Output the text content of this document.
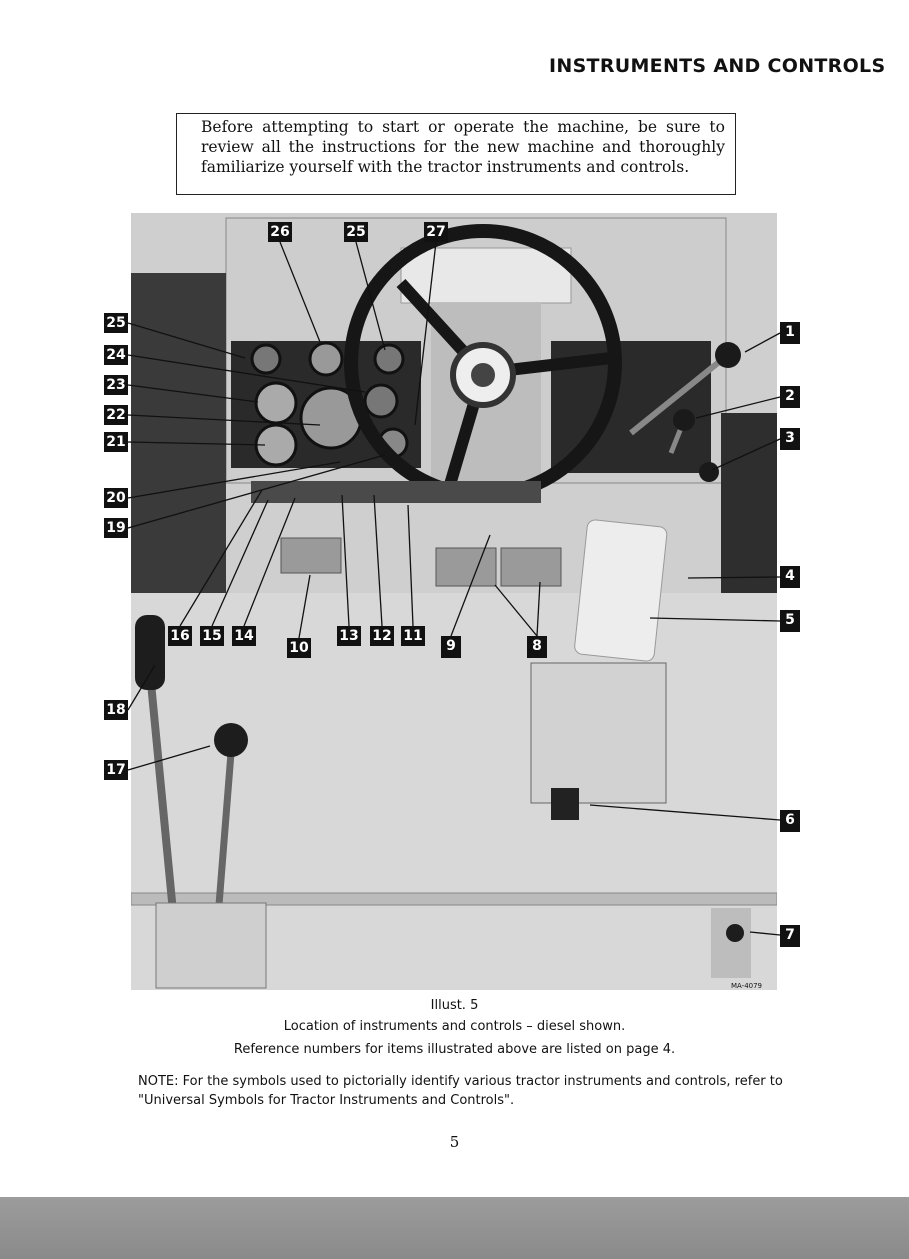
INSTRUMENTS AND CONTROLS
Before attempting to start or operate the machine, be sure to review all the instructions for the new machine and thoroughly familiarize yourself with the tractor instruments and controls.
MA-4079
26	25	27
25
24
23
22
21
20
19
1
2
3
4
5
16 15 14
10
13 12 11
9	8
18
17
6
7
Illust. 5
Location of instruments and controls – diesel shown.
Reference numbers for items illustrated above are listed on page 4.
NOTE: For the symbols used to pictorially identify various tractor instruments and controls, refer to "Universal Symbols for Tractor Instruments and Controls".
5
